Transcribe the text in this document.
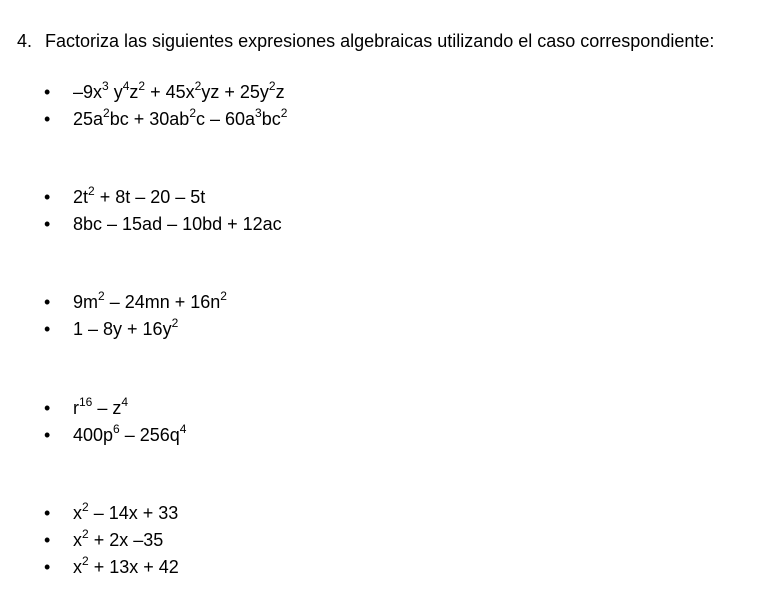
4. Factoriza las siguientes expresiones algebraicas utilizando el caso correspondiente:
• $-9x^3$ $y^4z^2 + 45x^2yz + 25y^2z$
• $25a^2bc + 30ab^2c - 60a^3bc^2$
• $2t^2 + 8t - 20 - 5t$
• 8bc – 15ad – 10bd + 12ac
• $9m^2 - 24mn + 16n^2$
• $1 - 8y + 16y^2$
• $r^{16} - z^4$
• $400p^6 - 256q^4$
• $x^2 - 14x + 33$
• $x^2 + 2x$ –35
• $x^2 + 13x + 42$
